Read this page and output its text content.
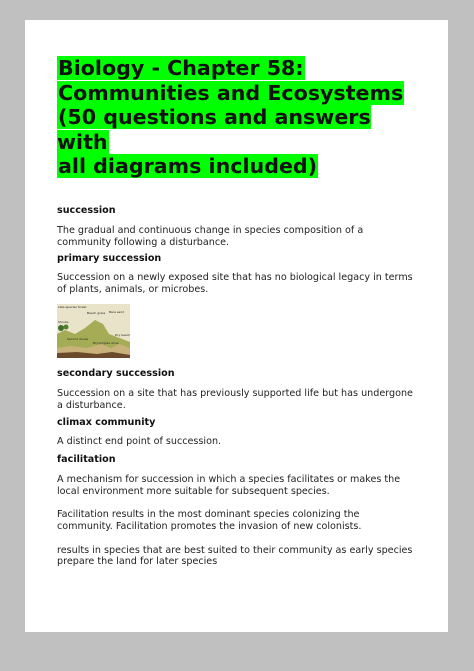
Biology - Chapter 58:
Communities and Ecosystems
(50 questions and answers with
all diagrams included)

succession

The gradual and continuous change in species composition of a community following a disturbance.

primary succession

Succession on a newly exposed site that has no biological legacy in terms of plants, animals, or microbes.

Late-species forest
Shrubs
Beach grass Bare sand
Second dunes
Bryophytes dune
Dry beach

secondary succession

Succession on a site that has previously supported life but has undergone a disturbance.

climax community

A distinct end point of succession.

facilitation

A mechanism for succession in which a species facilitates or makes the local environment more suitable for subsequent species.

Facilitation results in the most dominant species colonizing the community. Facilitation promotes the invasion of new colonists.

results in species that are best suited to their community as early species prepare the land for later species
